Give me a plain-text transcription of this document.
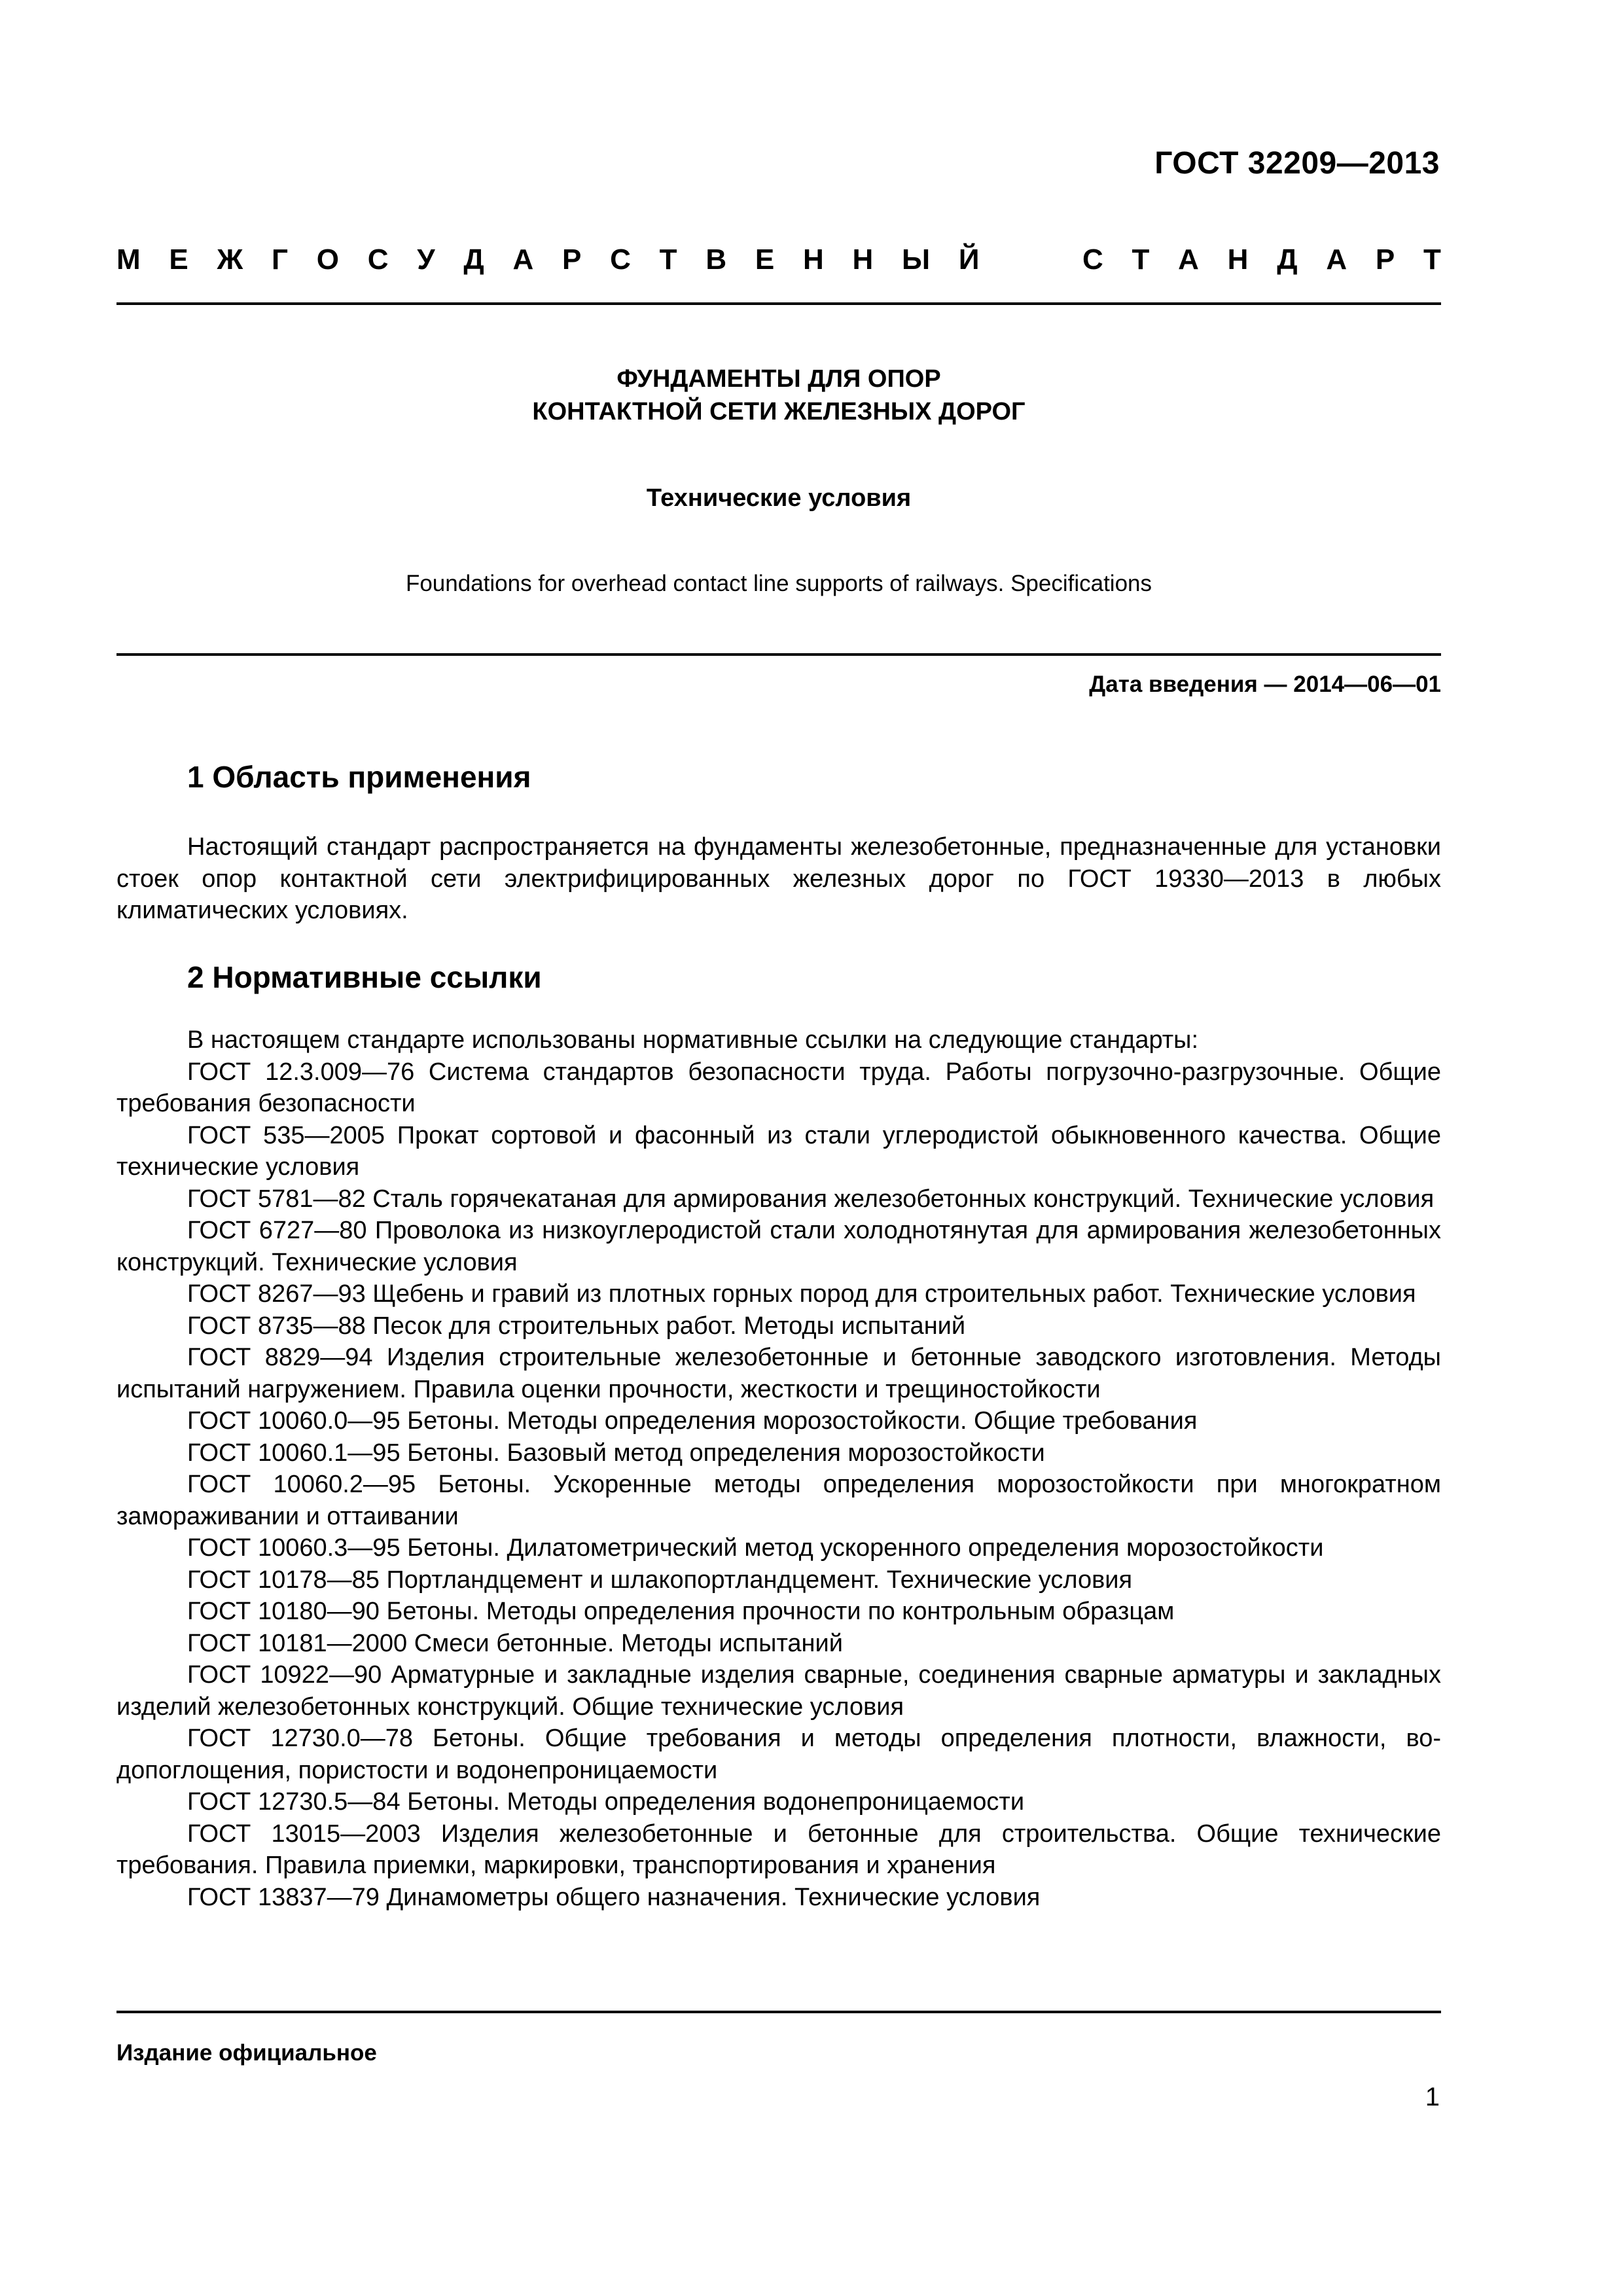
ГОСТ 32209—2013
М Е Ж Г О С У Д А Р С Т В Е Н Н Ы Й	С Т А Н Д А Р Т
ФУНДАМЕНТЫ ДЛЯ ОПОР
КОНТАКТНОЙ СЕТИ ЖЕЛЕЗНЫХ ДОРОГ
Технические условия
Foundations for overhead contact line supports of railways. Specifications
Дата введения — 2014—06—01
1 Область применения

Настоящий стандарт распространяется на фундаменты железобетонные, предназначенные для установки стоек опор контактной сети электрифицированных железных дорог по ГОСТ 19330—2013 в любых климатических условиях.

2 Нормативные ссылки

В настоящем стандарте использованы нормативные ссылки на следующие стандарты:

ГОСТ 12.3.009—76 Система стандартов безопасности труда. Работы погрузочно-разгрузочные. Общие требования безопасности

ГОСТ 535—2005 Прокат сортовой и фасонный из стали углеродистой обыкновенного качества. Общие технические условия

ГОСТ 5781—82 Сталь горячекатаная для армирования железобетонных конструкций. Технические условия

ГОСТ 6727—80 Проволока из низкоуглеродистой стали холоднотянутая для армирования железобетонных конструкций. Технические условия

ГОСТ 8267—93 Щебень и гравий из плотных горных пород для строительных работ. Технические условия

ГОСТ 8735—88 Песок для строительных работ. Методы испытаний

ГОСТ 8829—94 Изделия строительные железобетонные и бетонные заводского изготовления. Методы испытаний нагружением. Правила оценки прочности, жесткости и трещиностойкости

ГОСТ 10060.0—95 Бетоны. Методы определения морозостойкости. Общие требования

ГОСТ 10060.1—95 Бетоны. Базовый метод определения морозостойкости

ГОСТ 10060.2—95 Бетоны. Ускоренные методы определения морозостойкости при многократном замораживании и оттаивании

ГОСТ 10060.3—95 Бетоны. Дилатометрический метод ускоренного определения морозостойкости

ГОСТ 10178—85 Портландцемент и шлакопортландцемент. Технические условия

ГОСТ 10180—90 Бетоны. Методы определения прочности по контрольным образцам

ГОСТ 10181—2000 Смеси бетонные. Методы испытаний

ГОСТ 10922—90 Арматурные и закладные изделия сварные, соединения сварные арматуры и закладных изделий железобетонных конструкций. Общие технические условия

ГОСТ 12730.0—78 Бетоны. Общие требования и методы определения плотности, влажности, водопоглощения, пористости и водонепроницаемости

ГОСТ 12730.5—84 Бетоны. Методы определения водонепроницаемости

ГОСТ 13015—2003 Изделия железобетонные и бетонные для строительства. Общие технические требования. Правила приемки, маркировки, транспортирования и хранения

ГОСТ 13837—79 Динамометры общего назначения. Технические условия

Издание официальное
1
